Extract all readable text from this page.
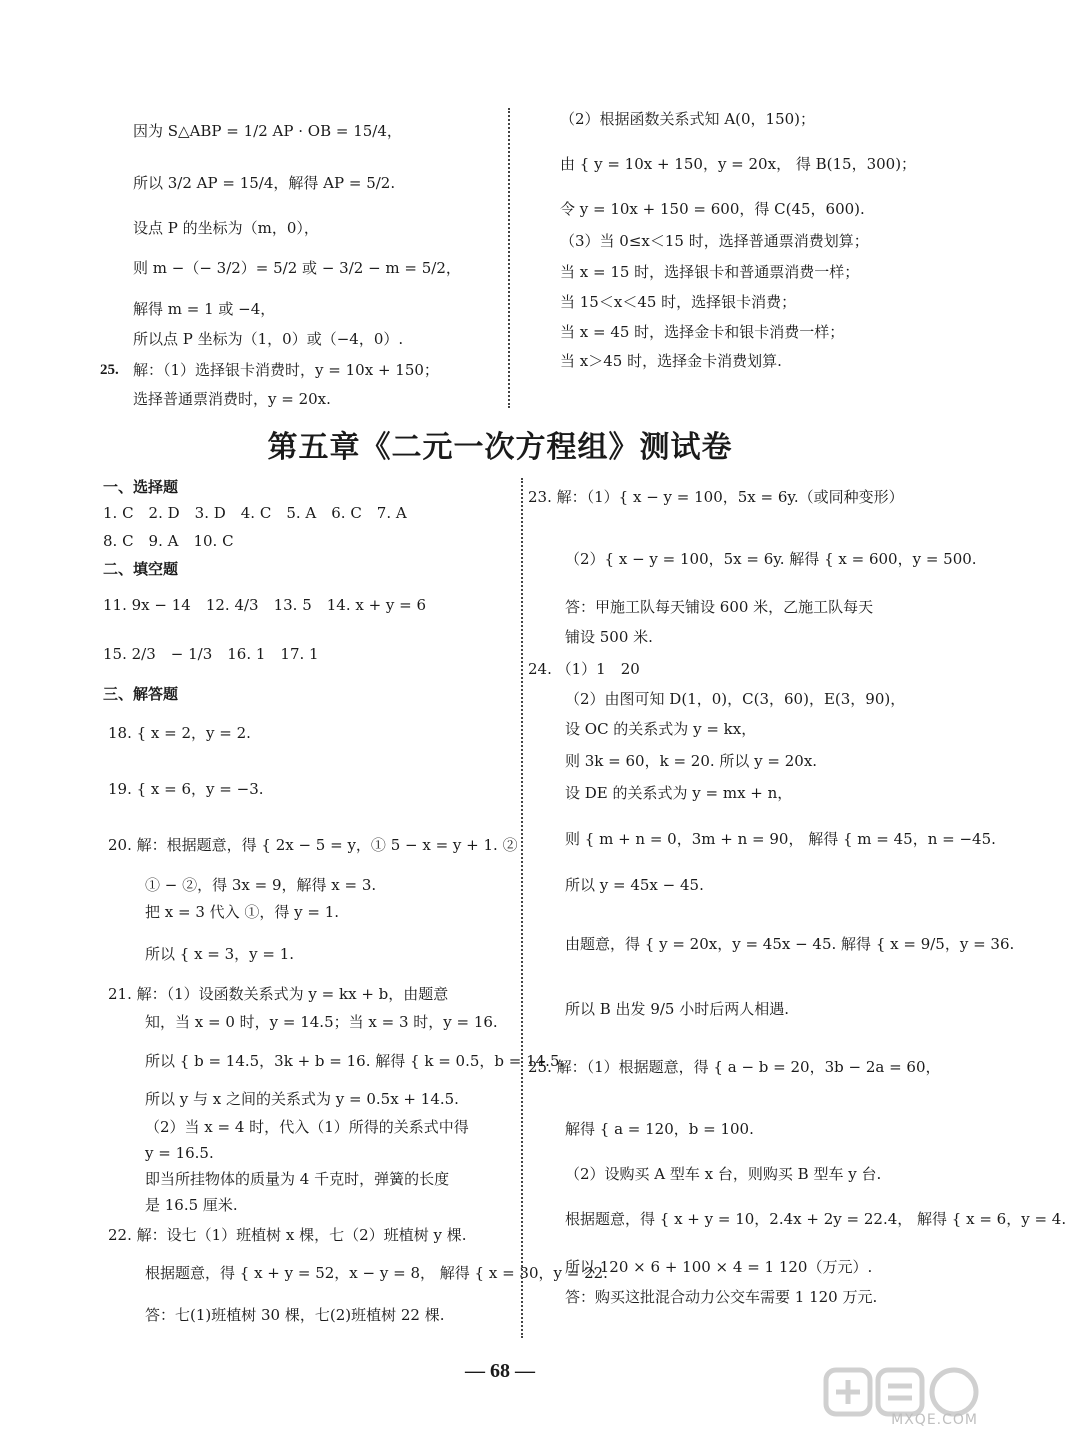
因为 S△ABP = 1/2 AP · OB = 15/4，
所以 3/2 AP = 15/4，解得 AP = 5/2.
设点 P 的坐标为（m，0），
则 m −（− 3/2）= 5/2 或 − 3/2 − m = 5/2，
解得 m = 1 或 −4，
所以点 P 坐标为（1，0）或（−4，0）.
25. 解：（1）选择银卡消费时，y = 10x + 150；
选择普通票消费时，y = 20x.
（2）根据函数关系式知 A(0，150)；
由 { y = 10x + 150，y = 20x， 得 B(15，300)；
令 y = 10x + 150 = 600，得 C(45，600).
（3）当 0≤x＜15 时，选择普通票消费划算；
当 x = 15 时，选择银卡和普通票消费一样；
当 15＜x＜45 时，选择银卡消费；
当 x = 45 时，选择金卡和银卡消费一样；
当 x＞45 时，选择金卡消费划算.
第五章《二元一次方程组》测试卷
一、选择题
1. C　2. D　3. D　4. C　5. A　6. C　7. A
8. C　9. A　10. C
二、填空题
11. 9x − 14　12. 4/3　13. 5　14. x + y = 6
15. 2/3　− 1/3　16. 1　17. 1
三、解答题
18. { x = 2，y = 2.
19. { x = 6，y = −3.
20. 解：根据题意，得 { 2x − 5 = y，① 5 − x = y + 1. ②
① − ②，得 3x = 9，解得 x = 3.
把 x = 3 代入 ①，得 y = 1.
所以 { x = 3，y = 1.
21. 解：（1）设函数关系式为 y = kx + b，由题意
知，当 x = 0 时，y = 14.5；当 x = 3 时，y = 16.
所以 { b = 14.5，3k + b = 16. 解得 { k = 0.5，b = 14.5.
所以 y 与 x 之间的关系式为 y = 0.5x + 14.5.
（2）当 x = 4 时，代入（1）所得的关系式中得
y = 16.5.
即当所挂物体的质量为 4 千克时，弹簧的长度
是 16.5 厘米.
22. 解：设七（1）班植树 x 棵，七（2）班植树 y 棵.
根据题意，得 { x + y = 52，x − y = 8， 解得 { x = 30，y = 22.
答：七(1)班植树 30 棵，七(2)班植树 22 棵.
23. 解：（1）{ x − y = 100，5x = 6y.（或同种变形）
（2）{ x − y = 100，5x = 6y. 解得 { x = 600，y = 500.
答：甲施工队每天铺设 600 米，乙施工队每天
铺设 500 米.
24. （1）1　20
（2）由图可知 D(1，0)，C(3，60)，E(3，90)，
设 OC 的关系式为 y = kx，
则 3k = 60，k = 20. 所以 y = 20x.
设 DE 的关系式为 y = mx + n，
则 { m + n = 0，3m + n = 90， 解得 { m = 45，n = −45.
所以 y = 45x − 45.
由题意，得 { y = 20x，y = 45x − 45. 解得 { x = 9/5，y = 36.
所以 B 出发 9/5 小时后两人相遇.
25. 解：（1）根据题意，得 { a − b = 20，3b − 2a = 60，
解得 { a = 120，b = 100.
（2）设购买 A 型车 x 台，则购买 B 型车 y 台.
根据题意，得 { x + y = 10，2.4x + 2y = 22.4， 解得 { x = 6，y = 4.
所以 120 × 6 + 100 × 4 = 1 120（万元）.
答：购买这批混合动力公交车需要 1 120 万元.
— 68 —
MXQE.COM
